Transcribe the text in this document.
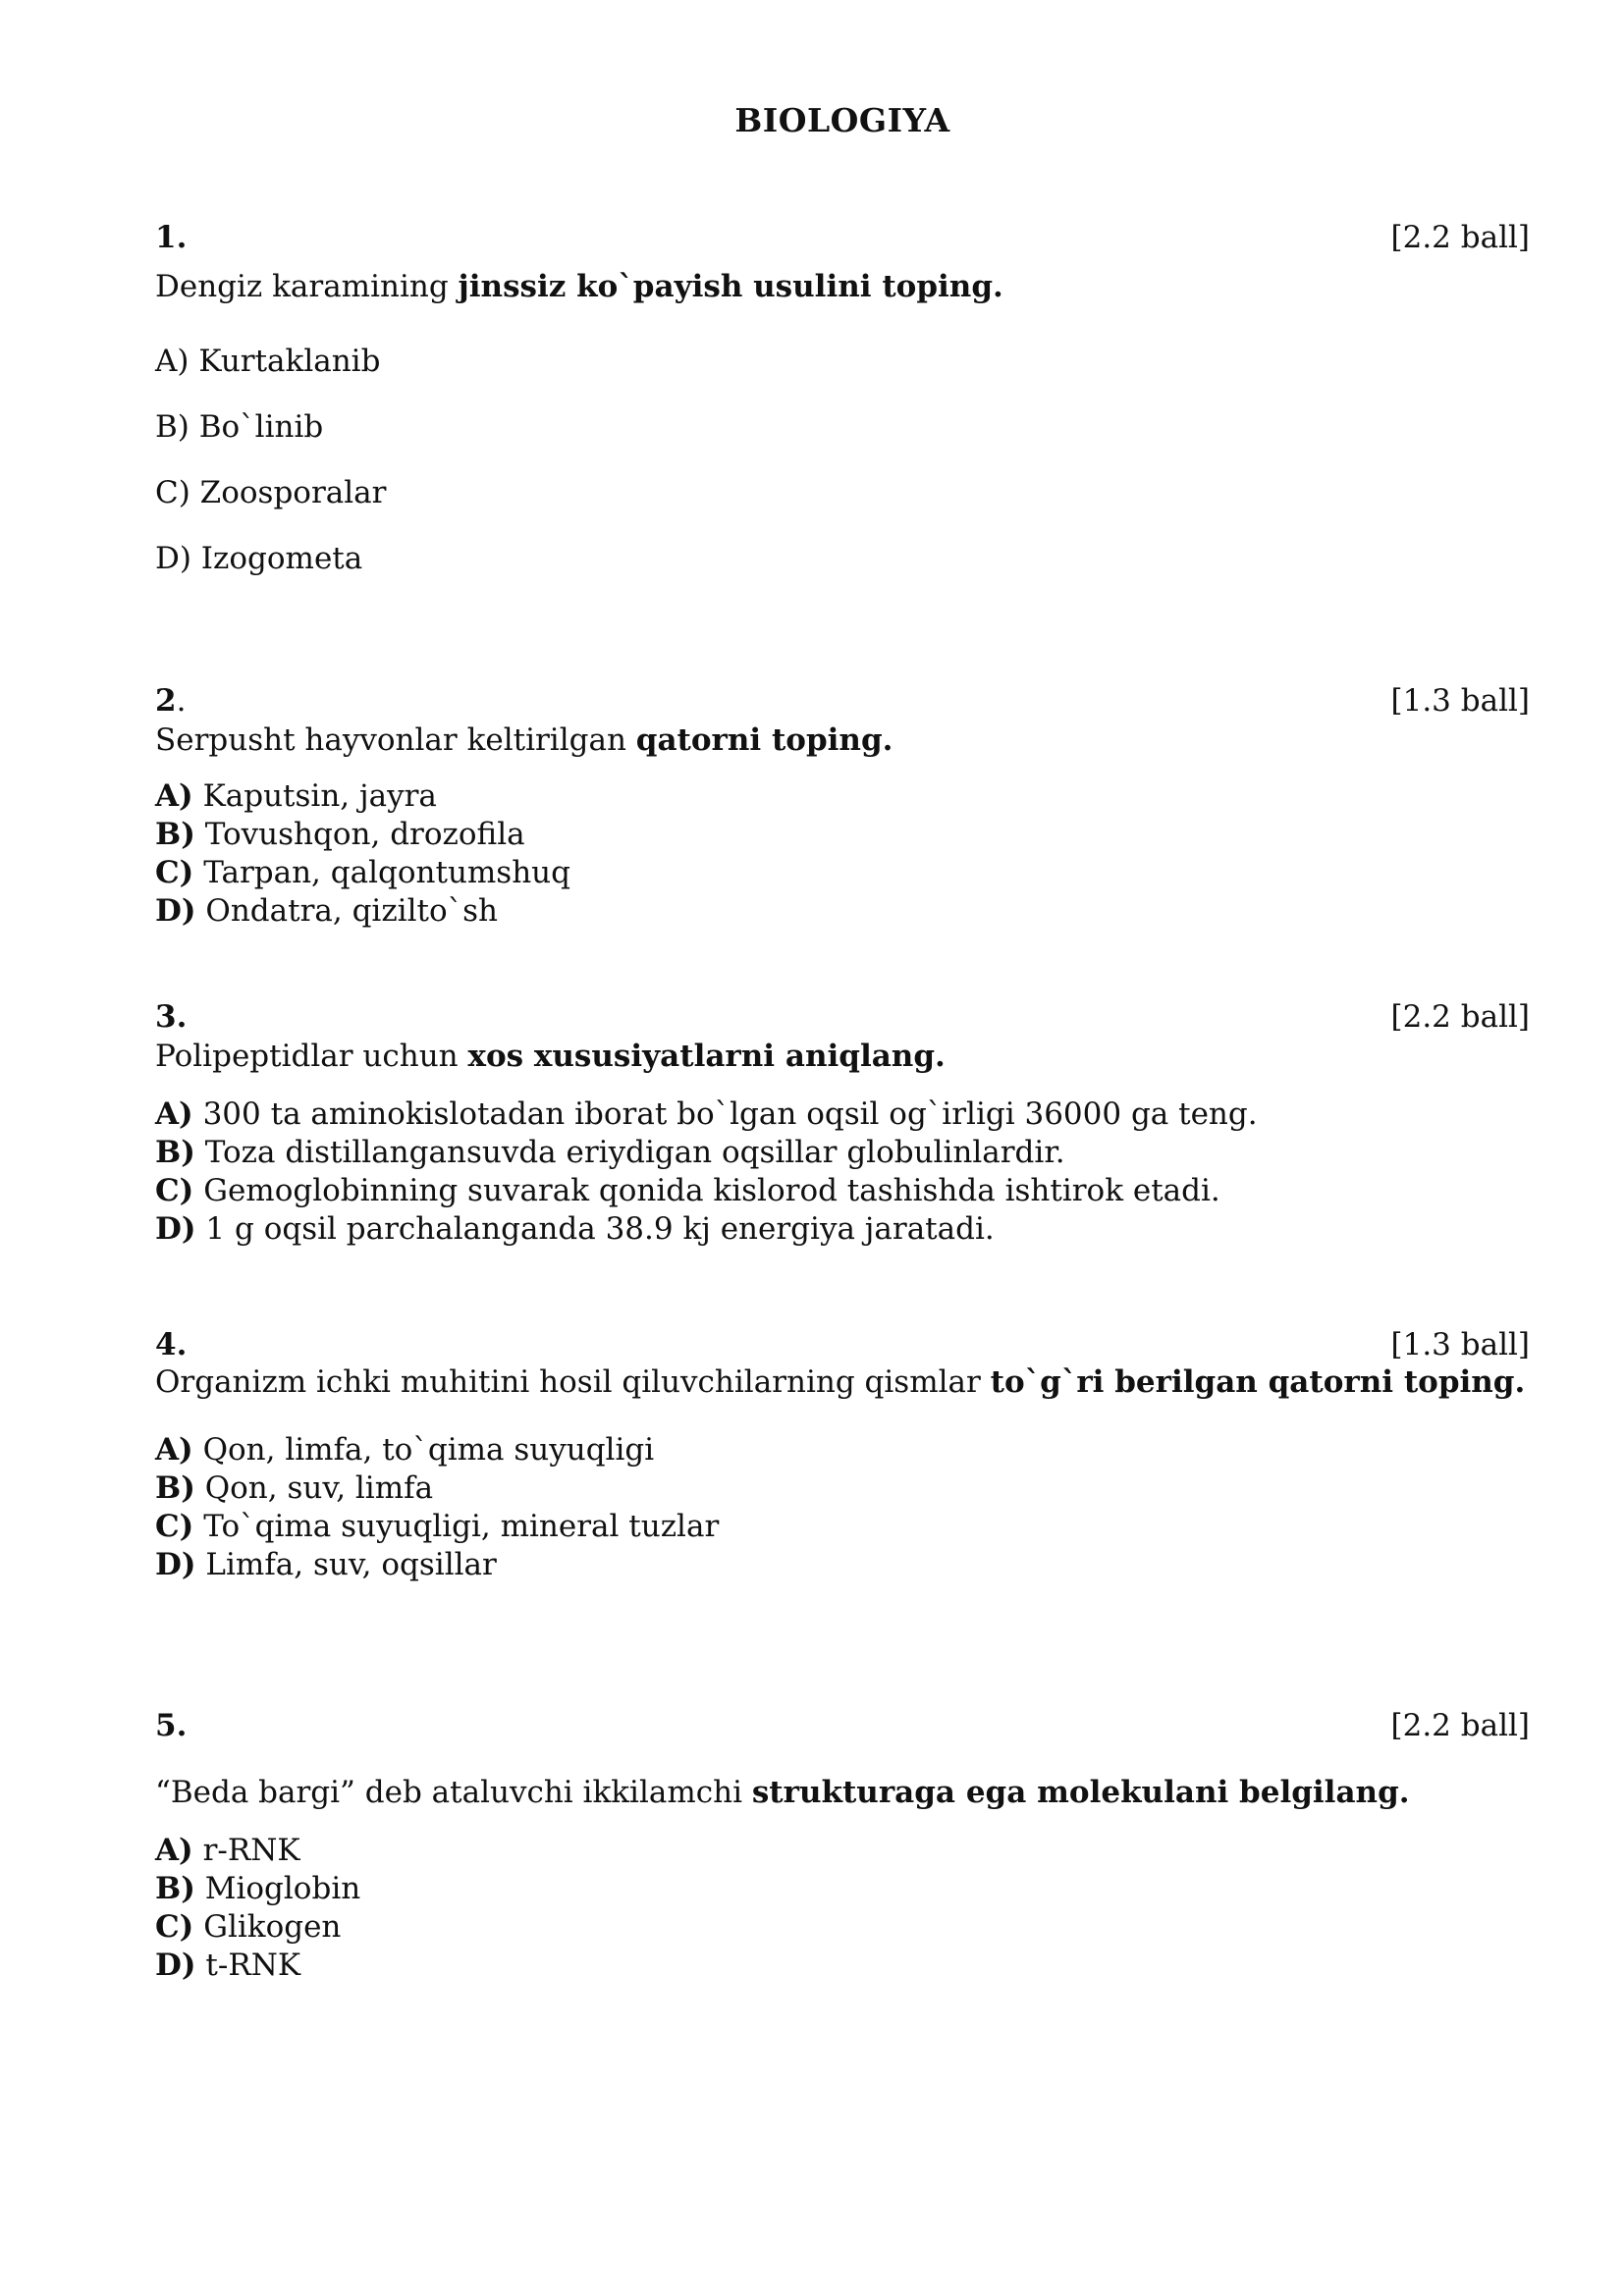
BIOLOGIYA
1.	[2.2 ball]
Dengiz karamining jinssiz ko`payish usulini toping.
A) Kurtaklanib
B) Bo`linib
C) Zoosporalar
D) Izogometa
2.	[1.3 ball]
Serpusht hayvonlar keltirilgan qatorni toping.
A) Kaputsin, jayra
B) Tovushqon, drozofila
C) Tarpan, qalqontumshuq
D) Ondatra, qizilto`sh
3.	[2.2 ball]
Polipeptidlar uchun xos xususiyatlarni aniqlang.
A) 300 ta aminokislotadan iborat bo`lgan oqsil og`irligi 36000 ga teng.
B) Toza distillangansuvda eriydigan oqsillar globulinlardir.
C) Gemoglobinning suvarak qonida kislorod tashishda ishtirok etadi.
D) 1 g oqsil parchalanganda 38.9 kj energiya jaratadi.
4.	[1.3 ball]
Organizm ichki muhitini hosil qiluvchilarning qismlar to`g`ri berilgan qatorni toping.
A) Qon, limfa, to`qima suyuqligi
B) Qon, suv, limfa
C) To`qima suyuqligi, mineral tuzlar
D) Limfa, suv, oqsillar
5.	[2.2 ball]
“Beda bargi” deb ataluvchi ikkilamchi strukturaga ega molekulani belgilang.
A) r-RNK
B) Mioglobin
C) Glikogen
D) t-RNK
